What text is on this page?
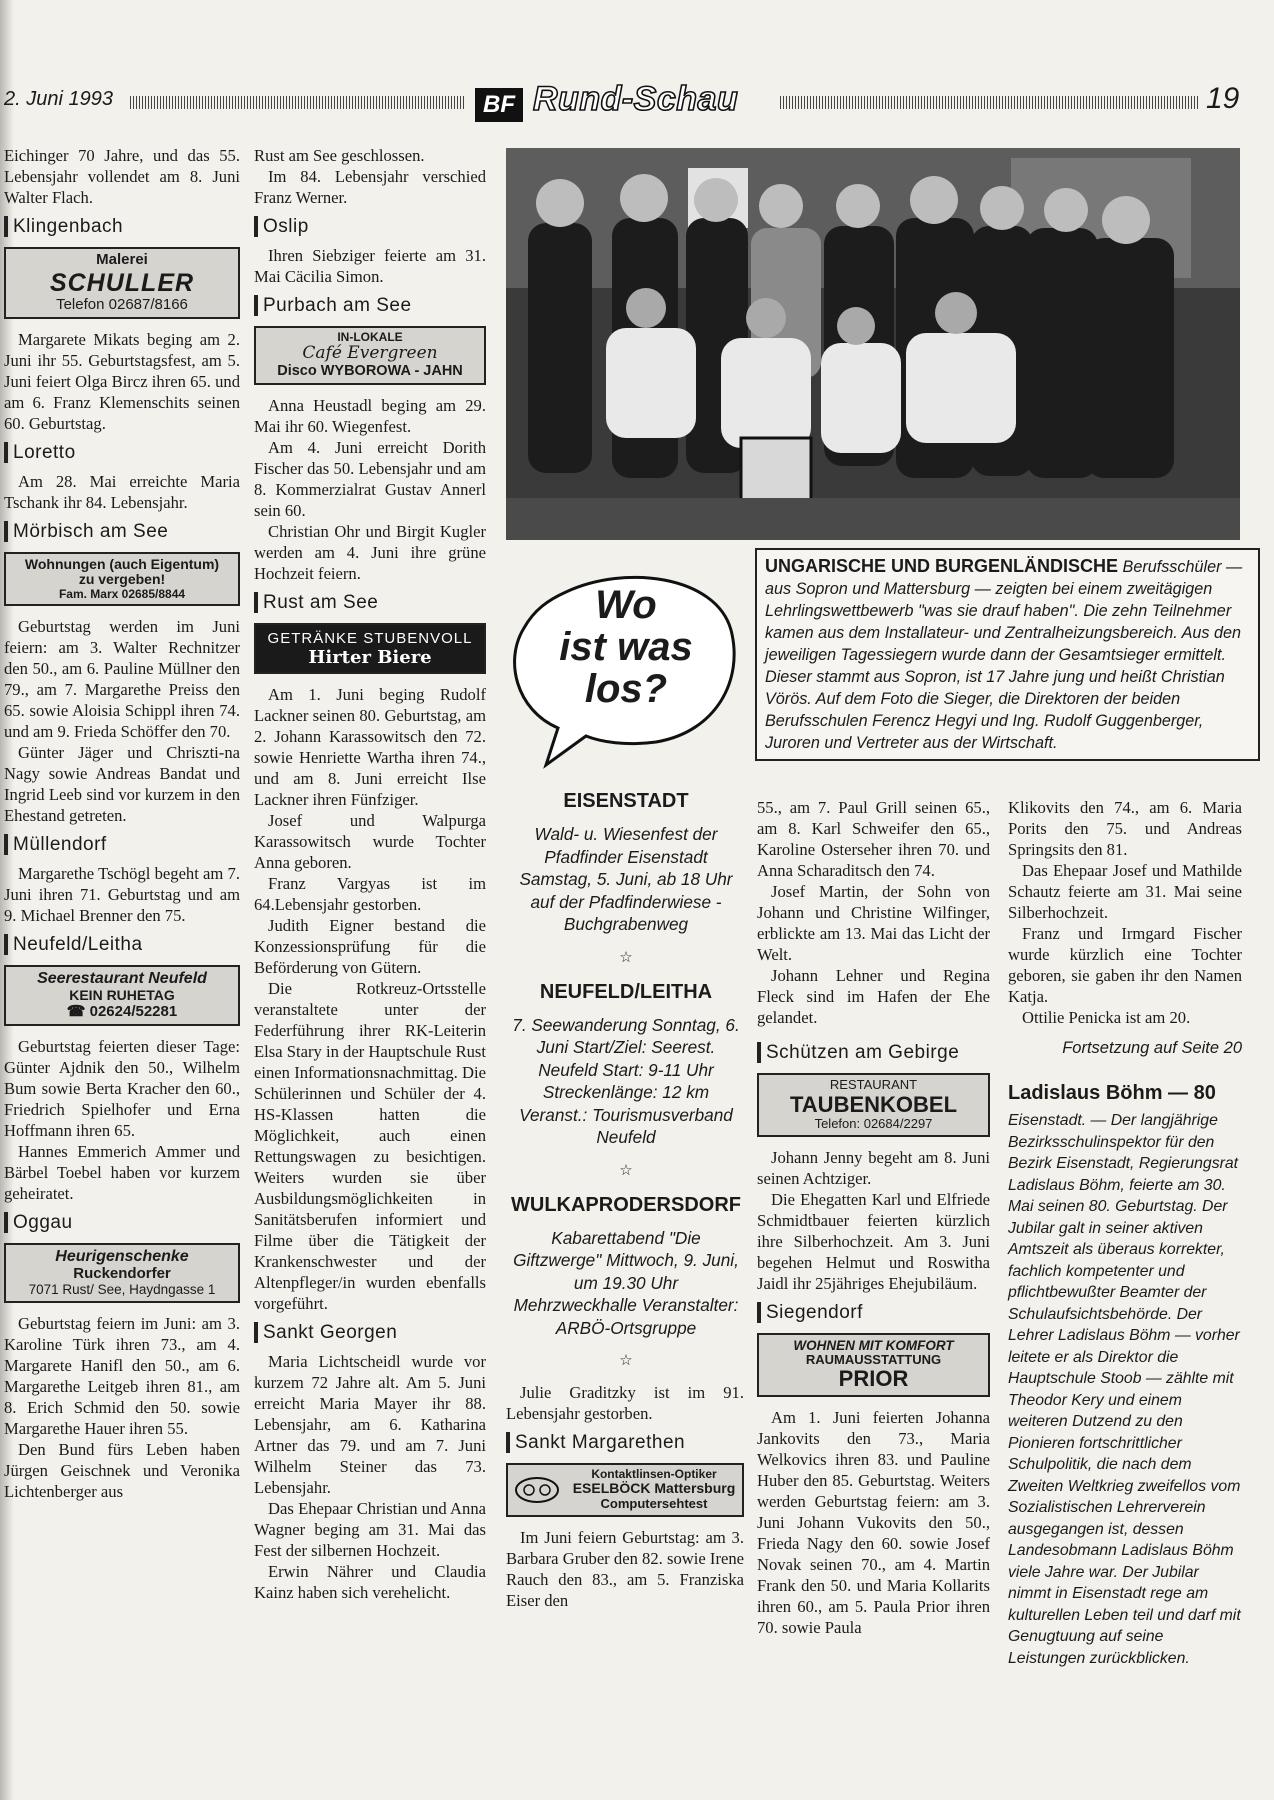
2. Juni 1993	BF Rund-Schau	19

Eichinger 70 Jahre, und das 55. Lebensjahr vollendet am 8. Juni Walter Flach.

Klingenbach
Malerei
SCHULLER
Telefon 02687/8166

Margarete Mikats beging am 2. Juni ihr 55. Geburtstagsfest, am 5. Juni feiert Olga Bircz ihren 65. und am 6. Franz Klemenschits seinen 60. Geburtstag.

Loretto

Am 28. Mai erreichte Maria Tschank ihr 84. Lebensjahr.

Mörbisch am See
Wohnungen (auch Eigentum)
zu vergeben!
Fam. Marx 02685/8844

Geburtstag werden im Juni feiern: am 3. Walter Rechnitzer den 50., am 6. Pauline Müllner den 79., am 7. Margarethe Preiss den 65. sowie Aloisia Schippl ihren 74. und am 9. Frieda Schöffer den 70.

Günter Jäger und Chriszti-na Nagy sowie Andreas Bandat und Ingrid Leeb sind vor kurzem in den Ehestand getreten.

Müllendorf

Margarethe Tschögl begeht am 7. Juni ihren 71. Geburtstag und am 9. Michael Brenner den 75.

Neufeld/Leitha
Seerestaurant Neufeld
KEIN RUHETAG
☎ 02624/52281

Geburtstag feierten dieser Tage: Günter Ajdnik den 50., Wilhelm Bum sowie Berta Kracher den 60., Friedrich Spielhofer und Erna Hoffmann ihren 65.

Hannes Emmerich Ammer und Bärbel Toebel haben vor kurzem geheiratet.

Oggau
Heurigenschenke
Ruckendorfer
7071 Rust/ See, Haydngasse 1

Geburtstag feiern im Juni: am 3. Karoline Türk ihren 73., am 4. Margarete Hanifl den 50., am 6. Margarethe Leitgeb ihren 81., am 8. Erich Schmid den 50. sowie Margarethe Hauer ihren 55.

Den Bund fürs Leben haben Jürgen Geischnek und Veronika Lichtenberger aus

Rust am See geschlossen.

Im 84. Lebensjahr verschied Franz Werner.

Oslip

Ihren Siebziger feierte am 31. Mai Cäcilia Simon.

Purbach am See
IN-LOKALE
Café Evergreen
Disco WYBOROWA - JAHN

Anna Heustadl beging am 29. Mai ihr 60. Wiegenfest.

Am 4. Juni erreicht Dorith Fischer das 50. Lebensjahr und am 8. Kommerzialrat Gustav Annerl sein 60.

Christian Ohr und Birgit Kugler werden am 4. Juni ihre grüne Hochzeit feiern.

Rust am See
GETRÄNKE STUBENVOLL
Hirter Biere

Am 1. Juni beging Rudolf Lackner seinen 80. Geburtstag, am 2. Johann Karassowitsch den 72. sowie Henriette Wartha ihren 74., und am 8. Juni erreicht Ilse Lackner ihren Fünfziger.

Josef und Walpurga Karassowitsch wurde Tochter Anna geboren.

Franz Vargyas ist im 64.Lebensjahr gestorben.

Judith Eigner bestand die Konzessionsprüfung für die Beförderung von Gütern.

Die Rotkreuz-Ortsstelle veranstaltete unter der Federführung ihrer RK-Leiterin Elsa Stary in der Hauptschule Rust einen Informationsnachmittag. Die Schülerinnen und Schüler der 4. HS-Klassen hatten die Möglichkeit, auch einen Rettungswagen zu besichtigen. Weiters wurden sie über Ausbildungsmöglichkeiten in Sanitätsberufen informiert und Filme über die Tätigkeit der Krankenschwester und der Altenpfleger/in wurden ebenfalls vorgeführt.

Sankt Georgen

Maria Lichtscheidl wurde vor kurzem 72 Jahre alt. Am 5. Juni erreicht Maria Mayer ihr 88. Lebensjahr, am 6. Katharina Artner das 79. und am 7. Juni Wilhelm Steiner das 73. Lebensjahr.

Das Ehepaar Christian und Anna Wagner beging am 31. Mai das Fest der silbernen Hochzeit.

Erwin Nährer und Claudia Kainz haben sich verehelicht.

UNGARISCHE UND BURGENLÄNDISCHE Berufsschüler — aus Sopron und Mattersburg — zeigten bei einem zweitägigen Lehrlingswettbewerb "was sie drauf haben". Die zehn Teilnehmer kamen aus dem Installateur- und Zentralheizungsbereich. Aus den jeweiligen Tagessiegern wurde dann der Gesamtsieger ermittelt. Dieser stammt aus Sopron, ist 17 Jahre jung und heißt Christian Vörös. Auf dem Foto die Sieger, die Direktoren der beiden Berufsschulen Ferencz Hegyi und Ing. Rudolf Guggenberger, Juroren und Vertreter aus der Wirtschaft.
Wo
ist was
los?
EISENSTADT
Wald- u. Wiesenfest der Pfadfinder Eisenstadt Samstag, 5. Juni, ab 18 Uhr auf der Pfadfinderwiese - Buchgrabenweg
☆
NEUFELD/LEITHA
7. Seewanderung Sonntag, 6. Juni Start/Ziel: Seerest. Neufeld Start: 9-11 Uhr Streckenlänge: 12 km Veranst.: Tourismusverband Neufeld
☆
WULKAPRODERSDORF
Kabarettabend "Die Giftzwerge" Mittwoch, 9. Juni, um 19.30 Uhr Mehrzweckhalle Veranstalter: ARBÖ-Ortsgruppe
☆

Julie Graditzky ist im 91. Lebensjahr gestorben.

Sankt Margarethen
Kontaktlinsen-Optiker
ESELBÖCK Mattersburg
Computersehtest

Im Juni feiern Geburtstag: am 3. Barbara Gruber den 82. sowie Irene Rauch den 83., am 5. Franziska Eiser den

55., am 7. Paul Grill seinen 65., am 8. Karl Schweifer den 65., Karoline Osterseher ihren 70. und Anna Scharaditsch den 74.

Josef Martin, der Sohn von Johann und Christine Wilfinger, erblickte am 13. Mai das Licht der Welt.

Johann Lehner und Regina Fleck sind im Hafen der Ehe gelandet.

Schützen am Gebirge
RESTAURANT
TAUBENKOBEL
Telefon: 02684/2297

Johann Jenny begeht am 8. Juni seinen Achtziger.

Die Ehegatten Karl und Elfriede Schmidtbauer feierten kürzlich ihre Silberhochzeit. Am 3. Juni begehen Helmut und Roswitha Jaidl ihr 25jähriges Ehejubiläum.

Siegendorf
WOHNEN MIT KOMFORT
RAUMAUSSTATTUNG
PRIOR

Am 1. Juni feierten Johanna Jankovits den 73., Maria Welkovics ihren 83. und Pauline Huber den 85. Geburtstag. Weiters werden Geburtstag feiern: am 3. Juni Johann Vukovits den 50., Frieda Nagy den 60. sowie Josef Novak seinen 70., am 4. Martin Frank den 50. und Maria Kollarits ihren 60., am 5. Paula Prior ihren 70. sowie Paula

Klikovits den 74., am 6. Maria Porits den 75. und Andreas Springsits den 81.

Das Ehepaar Josef und Mathilde Schautz feierte am 31. Mai seine Silberhochzeit.

Franz und Irmgard Fischer wurde kürzlich eine Tochter geboren, sie gaben ihr den Namen Katja.

Ottilie Penicka ist am 20.

Fortsetzung auf Seite 20
Ladislaus Böhm — 80

Eisenstadt. — Der langjährige Bezirksschulinspektor für den Bezirk Eisenstadt, Regierungsrat Ladislaus Böhm, feierte am 30. Mai seinen 80. Geburtstag. Der Jubilar galt in seiner aktiven Amtszeit als überaus korrekter, fachlich kompetenter und pflichtbewußter Beamter der Schulaufsichtsbehörde. Der Lehrer Ladislaus Böhm — vorher leitete er als Direktor die Hauptschule Stoob — zählte mit Theodor Kery und einem weiteren Dutzend zu den Pionieren fortschrittlicher Schulpolitik, die nach dem Zweiten Weltkrieg zweifellos vom Sozialistischen Lehrerverein ausgegangen ist, dessen Landesobmann Ladislaus Böhm viele Jahre war. Der Jubilar nimmt in Eisenstadt rege am kulturellen Leben teil und darf mit Genugtuung auf seine Leistungen zurückblicken.
